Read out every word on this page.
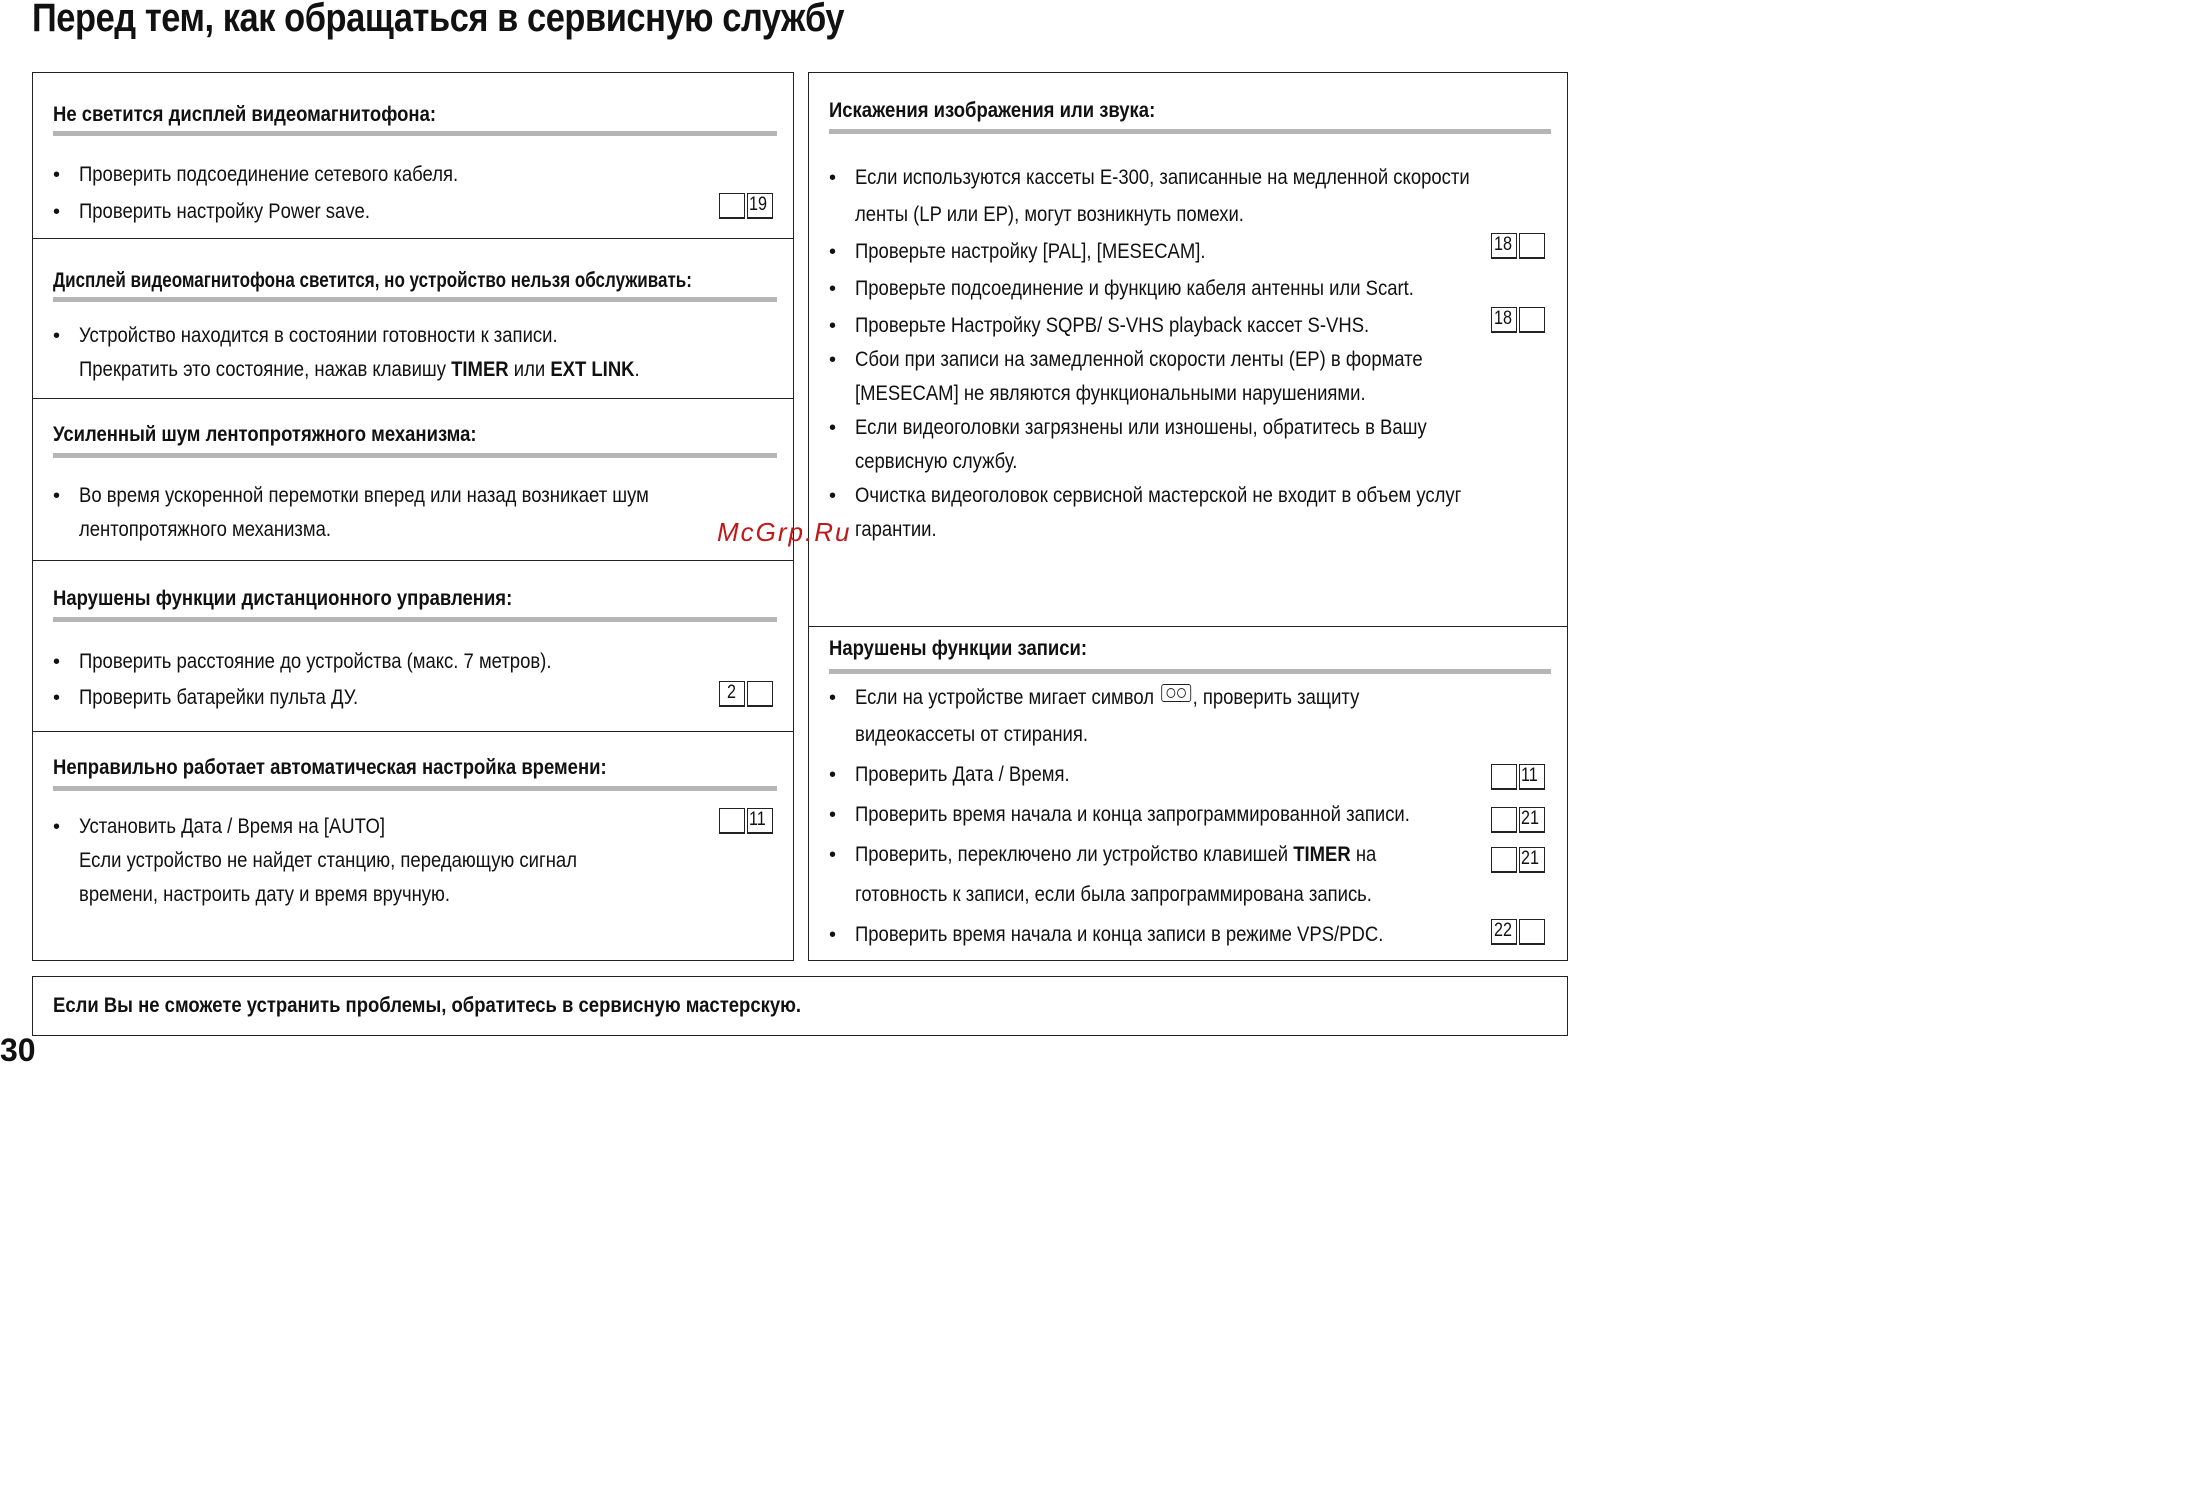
Перед тем, как обращаться в сервисную службу
Не светится дисплей видеомагнитофона:
• Проверить подсоединение сетевого кабеля.
• Проверить настройку Power save.	19
Дисплей видеомагнитофона светится, но устройство нельзя обслуживать:
• Устройство находится в состоянии готовности к записи.
Прекратить это состояние, нажав клавишу TIMER или EXT LINK.
Усиленный шум лентопротяжного механизма:
• Во время ускоренной перемотки вперед или назад возникает шум
лентопротяжного механизма.
Нарушены функции дистанционного управления:
• Проверить расстояние до устройства (макс. 7 метров).
• Проверить батарейки пульта ДУ.	2
Неправильно работает автоматическая настройка времени:
• Установить Дата / Время на [AUTO]	11
Если устройство не найдет станцию, передающую сигнал
времени, настроить дату и время вручную.
Искажения изображения или звука:
• Если используются кассеты E-300, записанные на медленной скорости
ленты (LP или EP), могут возникнуть помехи.
• Проверьте настройку [PAL], [MESECAM].	18
• Проверьте подсоединение и функцию кабеля антенны или Scart.
• Проверьте Настройку SQPB/ S-VHS playback кассет S-VHS.	18
• Сбои при записи на замедленной скорости ленты (EP) в формате
[MESECAM] не являются функциональными нарушениями.
• Если видеоголовки загрязнены или изношены, обратитесь в Вашу
сервисную службу.
• Очистка видеоголовок сервисной мастерской не входит в объем услуг
гарантии.
Нарушены функции записи:
• Если на устройстве мигает символ , проверить защиту
видеокассеты от стирания.
• Проверить Дата / Время.	11
• Проверить время начала и конца запрограммированной записи.	21
• Проверить, переключено ли устройство клавишей TIMER на	21
готовность к записи, если была запрограммирована запись.
• Проверить время начала и конца записи в режиме VPS/PDC.	22
Если Вы не сможете устранить проблемы, обратитесь в сервисную мастерскую.
30
McGrp.Ru
